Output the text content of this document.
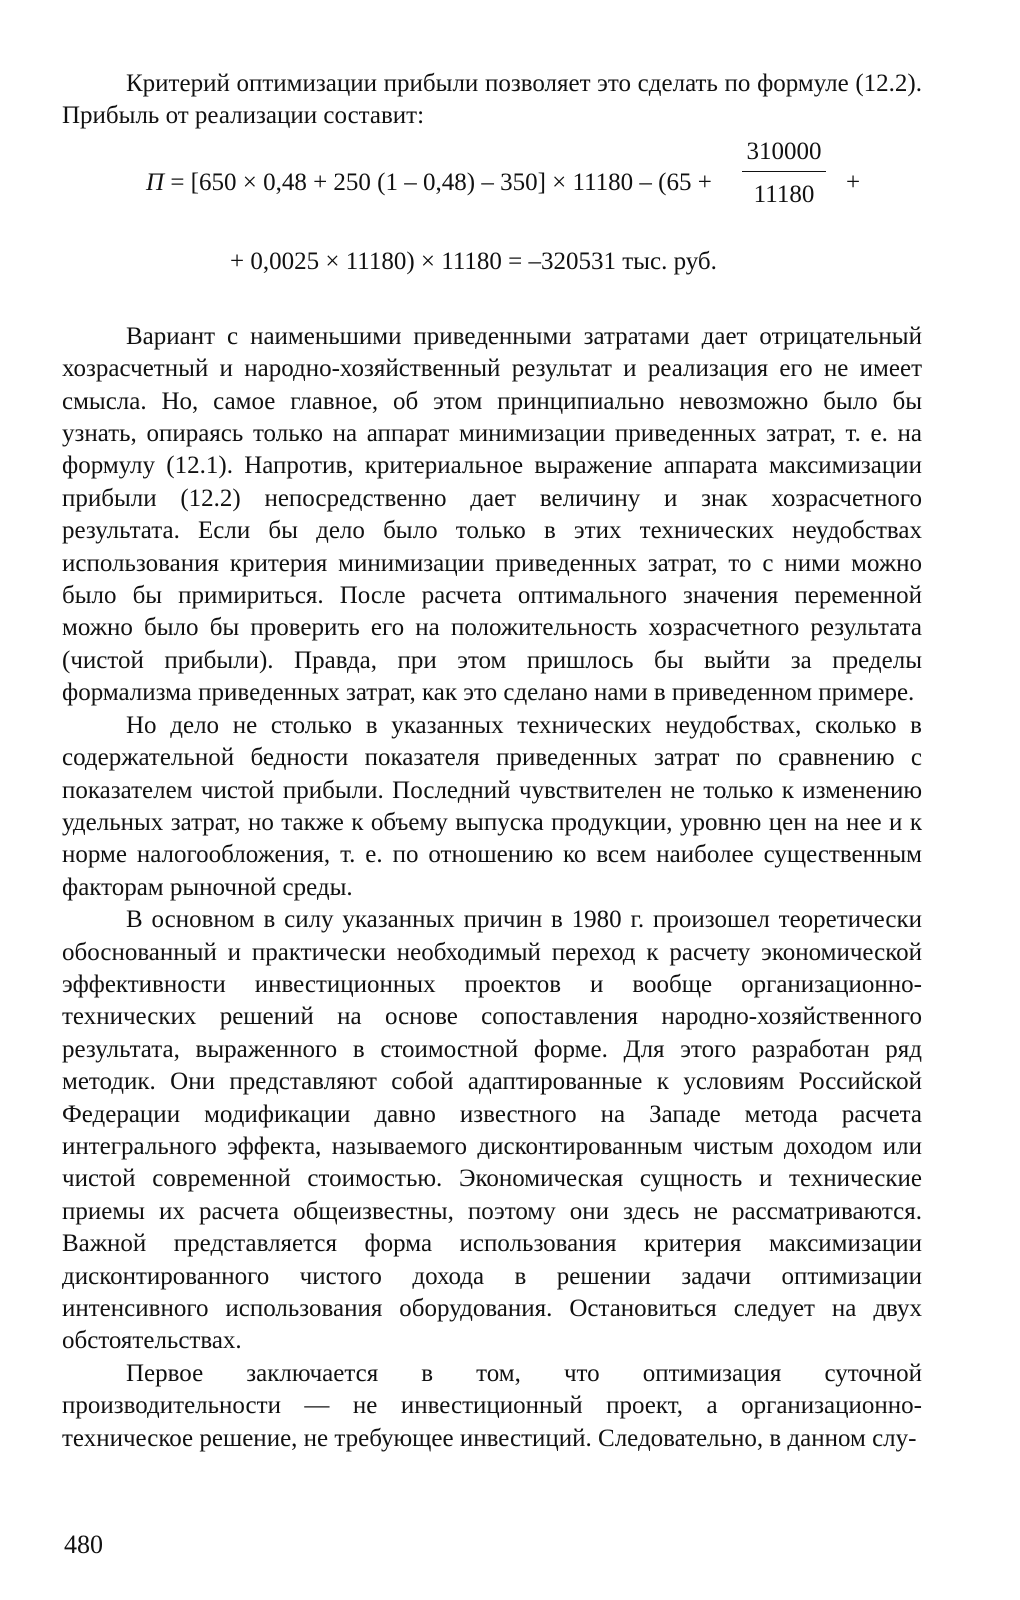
Критерий оптимизации прибыли позволяет это сделать по формуле (12.2). Прибыль от реализации составит:

П = [650 × 0,48 + 250 (1 – 0,48) – 350] × 11180 – (65 +
310000
11180	+
+ 0,0025 × 11180) × 11180 = –320531 тыс. руб.

Вариант с наименьшими приведенными затратами дает отрицательный хозрасчетный и народно-хозяйственный результат и реализация его не имеет смысла. Но, самое главное, об этом принципиально невозможно было бы узнать, опираясь только на аппарат минимизации приведенных затрат, т. е. на формулу (12.1). Напротив, критериальное выражение аппарата максимизации прибыли (12.2) непосредственно дает величину и знак хозрасчетного результата. Если бы дело было только в этих технических неудобствах использования критерия минимизации приведенных затрат, то с ними можно было бы примириться. После расчета оптимального значения переменной можно было бы проверить его на положительность хозрасчетного результата (чистой прибыли). Правда, при этом пришлось бы выйти за пределы формализма приведенных затрат, как это сделано нами в приведенном примере.

Но дело не столько в указанных технических неудобствах, сколько в содержательной бедности показателя приведенных затрат по сравнению с показателем чистой прибыли. Последний чувствителен не только к изменению удельных затрат, но также к объему выпуска продукции, уровню цен на нее и к норме налогообложения, т. е. по отношению ко всем наиболее существенным факторам рыночной среды.

В основном в силу указанных причин в 1980 г. произошел теоретически обоснованный и практически необходимый переход к расчету экономической эффективности инвестиционных проектов и вообще организационно-технических решений на основе сопоставления народно-хозяйственного результата, выраженного в стоимостной форме. Для этого разработан ряд методик. Они представляют собой адаптированные к условиям Российской Федерации модификации давно известного на Западе метода расчета интегрального эффекта, называемого дисконтированным чистым доходом или чистой современной стоимостью. Экономическая сущность и технические приемы их расчета общеизвестны, поэтому они здесь не рассматриваются. Важной представляется форма использования критерия максимизации дисконтированного чистого дохода в решении задачи оптимизации интенсивного использования оборудования. Остановиться следует на двух обстоятельствах.

Первое заключается в том, что оптимизация суточной производительности — не инвестиционный проект, а организационно-техническое решение, не требующее инвестиций. Следовательно, в данном слу-

480
